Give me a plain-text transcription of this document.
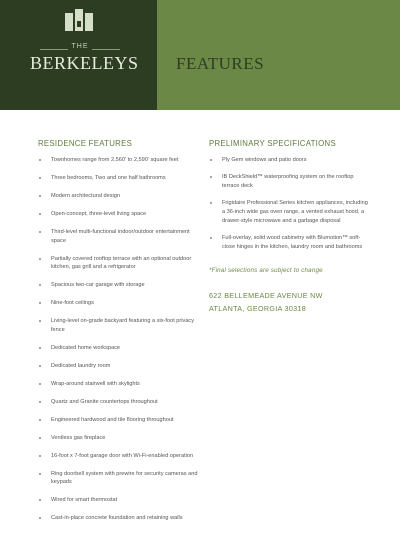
THE
BERKELEYS FEATURES
RESIDENCE FEATURES
Townhomes range from 2,560' to 2,590' square feet
Three bedrooms, Two and one half bathrooms
Modern architectural design
Open-concept, three-level living space
Third-level multi-functional indoor/outdoor entertainment space
Partially covered rooftop terrace with an optional outdoor kitchen, gas grill and a refrigerator
Spacious two-car garage with storage
Nine-foot ceilings
Living-level on-grade backyard featuring a six-foot privacy fence
Dedicated home workspace
Dedicated laundry room
Wrap-around stairwell with skylights
Quartz and Granite countertops throughout
Engineered hardwood and tile flooring throughout
Ventless gas fireplace
16-foot x 7-foot garage door with Wi-Fi-enabled operation
Ring doorbell system with prewire for security cameras and keypads
Wired for smart thermostat
Cast-in-place concrete foundation and retaining walls
PRELIMINARY SPECIFICATIONS
Ply Gem windows and patio doors
IB DeckShield™ waterproofing system on the rooftop terrace deck
Frigidaire Professional Series kitchen appliances, including a 36-inch wide gas oven range, a vented exhaust hood, a drawer-style microwave and a garbage disposal
Full-overlay, solid wood cabinetry with Blumotion™ soft-close hinges in the kitchen, laundry room and bathrooms
*Final selections are subject to change
622 BELLEMEADE AVENUE NW
ATLANTA, GEORGIA 30318
